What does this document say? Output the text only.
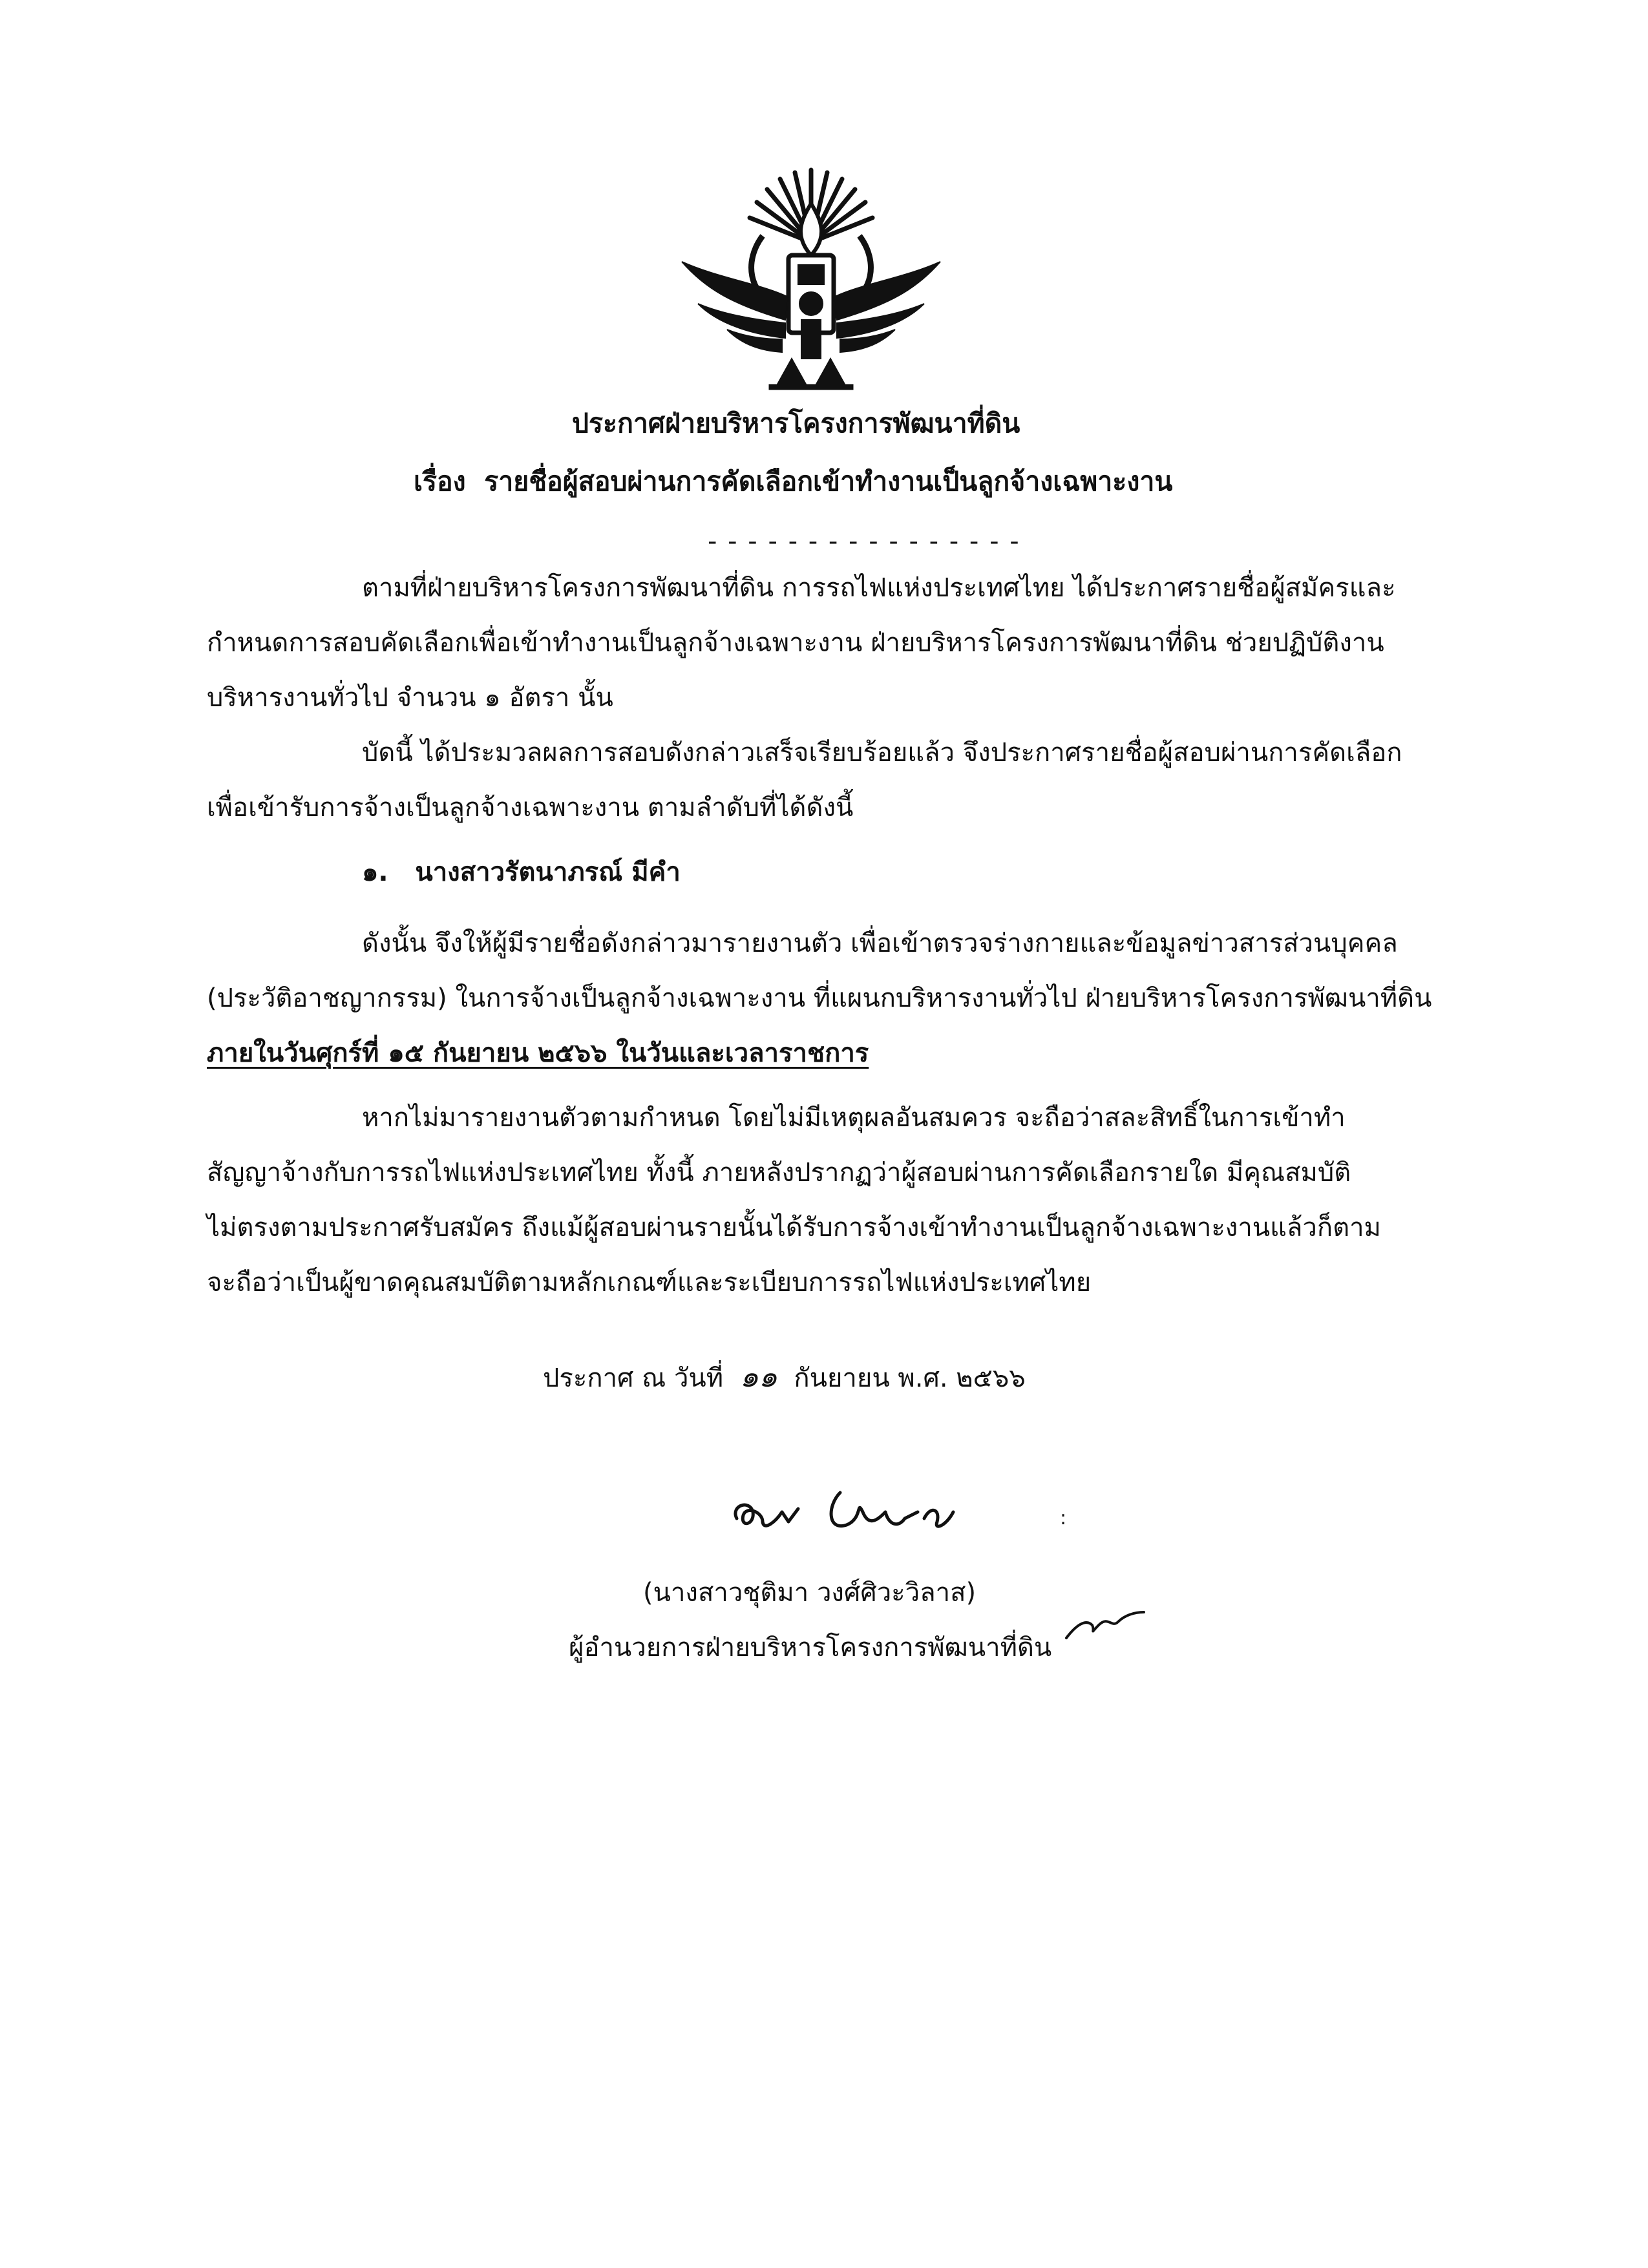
ประกาศฝ่ายบริหารโครงการพัฒนาที่ดิน
เรื่อง รายชื่อผู้สอบผ่านการคัดเลือกเข้าทำงานเป็นลูกจ้างเฉพาะงาน
- - - - - - - - - - - - - - - -
ตามที่ฝ่ายบริหารโครงการพัฒนาที่ดิน การรถไฟแห่งประเทศไทย ได้ประกาศรายชื่อผู้สมัครและ
กำหนดการสอบคัดเลือกเพื่อเข้าทำงานเป็นลูกจ้างเฉพาะงาน ฝ่ายบริหารโครงการพัฒนาที่ดิน ช่วยปฏิบัติงาน
บริหารงานทั่วไป จำนวน ๑ อัตรา นั้น
บัดนี้ ได้ประมวลผลการสอบดังกล่าวเสร็จเรียบร้อยแล้ว จึงประกาศรายชื่อผู้สอบผ่านการคัดเลือก
เพื่อเข้ารับการจ้างเป็นลูกจ้างเฉพาะงาน ตามลำดับที่ได้ดังนี้
๑. นางสาวรัตนาภรณ์ มีคำ
ดังนั้น จึงให้ผู้มีรายชื่อดังกล่าวมารายงานตัว เพื่อเข้าตรวจร่างกายและข้อมูลข่าวสารส่วนบุคคล
(ประวัติอาชญากรรม) ในการจ้างเป็นลูกจ้างเฉพาะงาน ที่แผนกบริหารงานทั่วไป ฝ่ายบริหารโครงการพัฒนาที่ดิน
ภายในวันศุกร์ที่ ๑๕ กันยายน ๒๕๖๖ ในวันและเวลาราชการ
หากไม่มารายงานตัวตามกำหนด โดยไม่มีเหตุผลอันสมควร จะถือว่าสละสิทธิ์ในการเข้าทำ
สัญญาจ้างกับการรถไฟแห่งประเทศไทย ทั้งนี้ ภายหลังปรากฏว่าผู้สอบผ่านการคัดเลือกรายใด มีคุณสมบัติ
ไม่ตรงตามประกาศรับสมัคร ถึงแม้ผู้สอบผ่านรายนั้นได้รับการจ้างเข้าทำงานเป็นลูกจ้างเฉพาะงานแล้วก็ตาม
จะถือว่าเป็นผู้ขาดคุณสมบัติตามหลักเกณฑ์และระเบียบการรถไฟแห่งประเทศไทย
ประกาศ ณ วันที่ ๑๑ กันยายน พ.ศ. ๒๕๖๖
:
(นางสาวชุติมา วงศ์ศิวะวิลาส)
ผู้อำนวยการฝ่ายบริหารโครงการพัฒนาที่ดิน
